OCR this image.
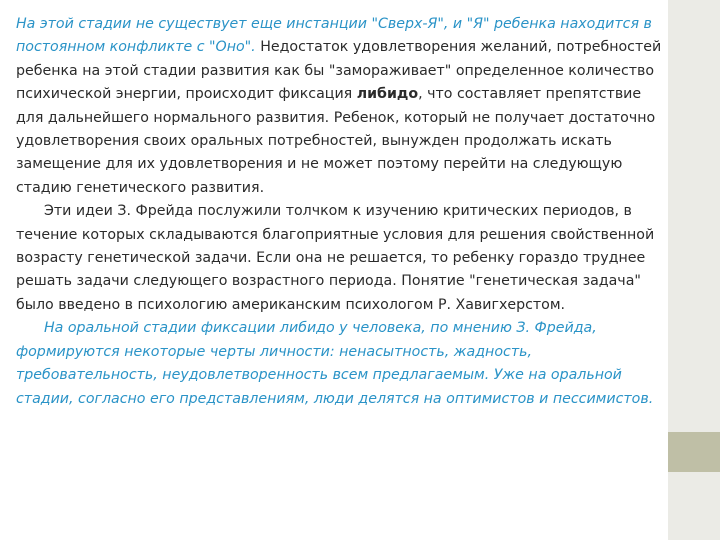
На этой стадии не существует еще инстанции "Сверх-Я", и "Я" ребенка находится в постоянном конфликте с "Оно". Недостаток удовлетворения желаний, потребностей ребенка на этой стадии развития как бы "замораживает" определенное количество психической энергии, происходит фиксация либидо, что составляет препятствие для дальнейшего нормального развития. Ребенок, который не получает достаточно удовлетворения своих оральных потребностей, вынужден продолжать искать замещение для их удовлетворения и не может поэтому перейти на следующую стадию генетического развития.

Эти идеи З. Фрейда послужили толчком к изучению критических периодов, в течение которых складываются благоприятные условия для решения свойственной возрасту генетической задачи. Если она не решается, то ребенку гораздо труднее решать задачи следующего возрастного периода. Понятие "генетическая задача" было введено в психологию американским психологом Р. Хавигхерстом.

На оральной стадии фиксации либидо у человека, по мнению З. Фрейда, формируются некоторые черты личности: ненасытность, жадность, требовательность, неудовлетворенность всем предлагаемым. Уже на оральной стадии, согласно его представлениям, люди делятся на оптимистов и пессимистов.
